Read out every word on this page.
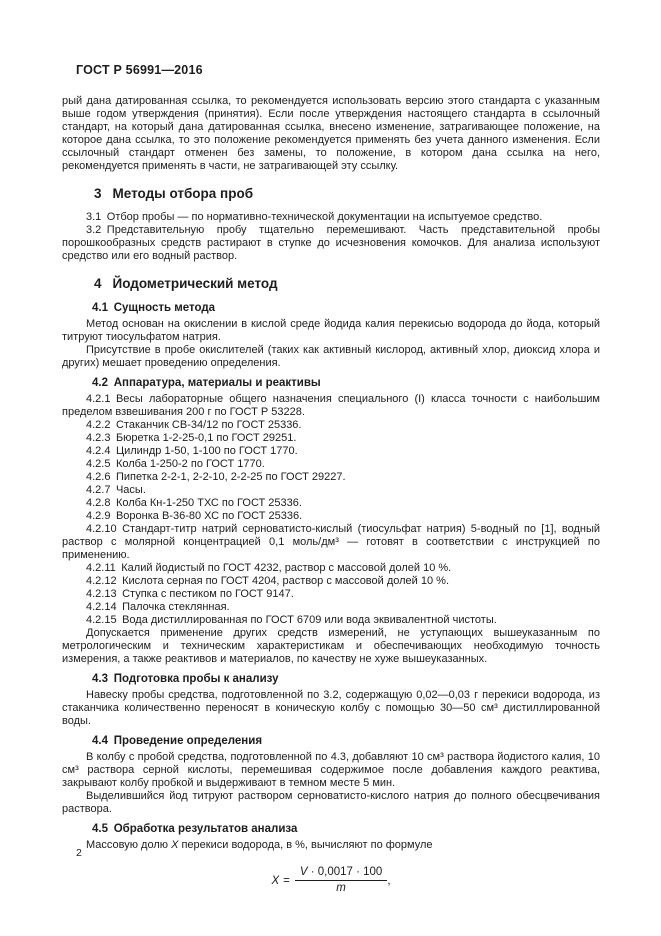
ГОСТ Р 56991—2016

рый дана датированная ссылка, то рекомендуется использовать версию этого стандарта с указанным выше годом утверждения (принятия). Если после утверждения настоящего стандарта в ссылочный стандарт, на который дана датированная ссылка, внесено изменение, затрагивающее положение, на которое дана ссылка, то это положение рекомендуется применять без учета данного изменения. Если ссылочный стандарт отменен без замены, то положение, в котором дана ссылка на него, рекомендуется применять в части, не затрагивающей эту ссылку.

3 Методы отбора проб

3.1 Отбор пробы — по нормативно-технической документации на испытуемое средство.

3.2 Представительную пробу тщательно перемешивают. Часть представительной пробы порошкообразных средств растирают в ступке до исчезновения комочков. Для анализа используют средство или его водный раствор.

4 Йодометрический метод
4.1 Сущность метода

Метод основан на окислении в кислой среде йодида калия перекисью водорода до йода, который титруют тиосульфатом натрия.

Присутствие в пробе окислителей (таких как активный кислород, активный хлор, диоксид хлора и других) мешает проведению определения.

4.2 Аппаратура, материалы и реактивы

4.2.1 Весы лабораторные общего назначения специального (I) класса точности с наибольшим пределом взвешивания 200 г по ГОСТ Р 53228.

4.2.2 Стаканчик СВ-34/12 по ГОСТ 25336.

4.2.3 Бюретка 1-2-25-0,1 по ГОСТ 29251.

4.2.4 Цилиндр 1-50, 1-100 по ГОСТ 1770.

4.2.5 Колба 1-250-2 по ГОСТ 1770.

4.2.6 Пипетка 2-2-1, 2-2-10, 2-2-25 по ГОСТ 29227.

4.2.7 Часы.

4.2.8 Колба Кн-1-250 ТХС по ГОСТ 25336.

4.2.9 Воронка В-36-80 ХС по ГОСТ 25336.

4.2.10 Стандарт-титр натрий серноватисто-кислый (тиосульфат натрия) 5-водный по [1], водный раствор с молярной концентрацией 0,1 моль/дм³ — готовят в соответствии с инструкцией по применению.

4.2.11 Калий йодистый по ГОСТ 4232, раствор с массовой долей 10 %.

4.2.12 Кислота серная по ГОСТ 4204, раствор с массовой долей 10 %.

4.2.13 Ступка с пестиком по ГОСТ 9147.

4.2.14 Палочка стеклянная.

4.2.15 Вода дистиллированная по ГОСТ 6709 или вода эквивалентной чистоты.

Допускается применение других средств измерений, не уступающих вышеуказанным по метрологическим и техническим характеристикам и обеспечивающих необходимую точность измерения, а также реактивов и материалов, по качеству не хуже вышеуказанных.

4.3 Подготовка пробы к анализу

Навеску пробы средства, подготовленной по 3.2, содержащую 0,02—0,03 г перекиси водорода, из стаканчика количественно переносят в коническую колбу с помощью 30—50 см³ дистиллированной воды.

4.4 Проведение определения

В колбу с пробой средства, подготовленной по 4.3, добавляют 10 см³ раствора йодистого калия, 10 см³ раствора серной кислоты, перемешивая содержимое после добавления каждого реактива, закрывают колбу пробкой и выдерживают в темном месте 5 мин.

Выделившийся йод титруют раствором серноватисто-кислого натрия до полного обесцвечивания раствора.

4.5 Обработка результатов анализа

Массовую долю X перекиси водорода, в %, вычисляют по формуле

$X = \frac{V \cdot 0,0017 \cdot 100}{m}$ ,
2
